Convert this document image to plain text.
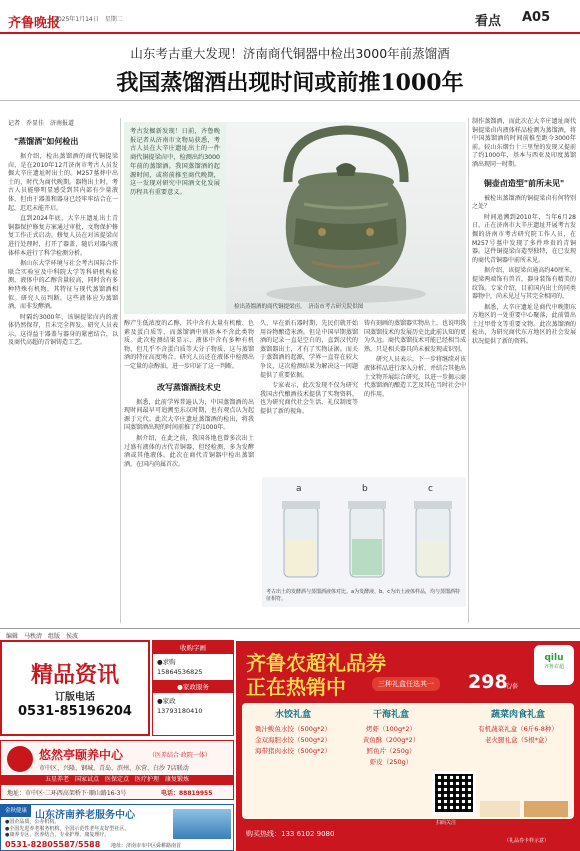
齐鲁晚报
2025年1月14日　星期二	看点 A05
山东考古重大发现！济南商代铜器中检出3000年前蒸馏酒
我国蒸馏酒出现时间或前推1000年
记者　乔显佳　济南报道
"蒸馏酒"如何检出

据介绍，检出蒸馏酒的商代铜提梁卣，是在2010年12月济南市考古人员发掘大辛庄遗址时出土的。M257墓葬中出土的，时代为商代晚期。器物出土时，考古人员能够明显感受到其内部有少量液体，但由于器盖和器身已经牢牢结合在一起，迟迟未能开启。

直到2024年底，大辛庄遗址出土青铜器保护修复方案通过审批，文物保护修复工作正式启动。修复人员在对该提梁卣进行处理时，打开了器盖，随后对器内液体样本进行了科学检测分析。

据山东大学环境与社会考古国际合作联合实验室及中科院大学等科研机构检测，液体中的乙醇含量较高，同时含有多种特殊有机物，其特征与现代蒸馏酒相似。研究人员判断，这些液体应为蒸馏酒，而非发酵酒。

时隔约3000年，该铜提梁卣内的液体仍然保存，且未完全挥发。研究人员表示，这得益于器盖与器身的紧密结合，以及商代高超的青铜铸造工艺。

考古发掘新发现！日前，齐鲁晚报记者从济南市文物局获悉，考古人员在大辛庄遗址出土的一件商代铜提梁卣中，检测出约3000年前的蒸馏酒。我国蒸馏酒的起源时间，或将前推至商代晚期，这一发现对研究中国酒文化发展历程具有重要意义。

检出蒸馏酒的商代铜提梁卣。　济南市考古研究院供图

醇产生低浓度的乙醇，其中含有大量有机酸、色素及蛋白质等，而蒸馏酒中则基本不含此类物质。此次检测结果显示，液体中含有多种有机物，但几乎不含蛋白质等大分子物质，这与蒸馏酒的特征高度吻合。研究人员还在液体中检测出一定量的杂醇油，进一步印证了这一判断。

改写蒸馏酒技术史

据悉，此前学界普遍认为，中国蒸馏酒的出现时间最早可追溯至东汉时期，也有观点认为起源于元代。此次大辛庄遗址蒸馏酒的检出，将我国蒸馏酒出现的时间前推了约1000年。

据介绍，在此之前，我国各地也曾多次出土过盛有液体的古代青铜器，但经检测，多为发酵酒或其他液体。此次在商代青铜器中检出蒸馏酒，在国内尚属首次。

久，早在新石器时期，先民们就开始用谷物酿造米酒。但是中国早期蒸馏酒的记录一直是空白的，直到汉代的蒸馏器出土，才有了实物证据。而关于蒸馏酒的起源，学界一直存在较大争议，这次检测结果为解决这一问题提供了重要依据。

专家表示，此次发现不仅为研究我国古代酿酒技术提供了实物资料，也为研究商代社会生活、礼仪制度等提供了新的视角。

铸有刻画的蒸馏器实物出土，也说明我国蒸馏技术的发展历史比此前认知的更为久远。商代蒸馏技术可能已经相当成熟，只是相关器具尚未被发现或识别。

研究人员表示，下一步将继续对该液体样品进行深入分析，并结合其他出土文物开展综合研究，以进一步揭示商代蒸馏酒的酿造工艺及其在当时社会中的作用。

a	b	c

考古出土的发酵酒与蒸馏酒液体对比。a为发酵液，b、c为出土液体样品，均与蒸馏酒特征相符。

制作蒸馏酒，而此次在大辛庄遗址商代铜提梁卣内液体样品检测为蒸馏酒，将中国蒸馏酒的时间前推至距今3000年前。较山东烟台十三里堡的发现又提前了约1000年，基本与西亚及印度蒸馏酒出现同一时期。

铜壶卣造型"前所未见"

被检出蒸馏酒的铜提梁卣有何特别之处？

时间追溯到2010年，当年6月28日，正在济南市大辛庄遗址开展考古发掘的济南市考古研究院工作人员，在M257号墓中发现了多件珍贵的青铜器。这件铜提梁卣造型独特，在已发现的商代青铜器中前所未见。

据介绍，该提梁卣通高约40厘米，提梁两端饰有兽首，器身装饰有精美的纹饰。专家介绍，目前国内出土的同类器物中，尚未见过与其完全相同的。

据悉，大辛庄遗址是商代中晚期东方地区的一处重要中心聚落，此前曾出土过甲骨文等重要文物。此次蒸馏酒的检出，为研究商代东方地区的社会发展状况提供了新的资料。

编辑　马秩清　组版　侯波
精品资讯
订版电话
0531-85196204
收购字画
●求购
15864536825
●家政服务
●家政
13793180410
悠然亭颐养中心	（医养结合·政院一体）
市中区、兴隆、钢城、青岛、滨州、东营、白沙 7店联动
五星养老　国家试点　医保定点　医疗护理　康复锻炼
地址：市中区·二环西高架桥下·顺山路16-3号	电话：88819955
金秋健康 山东济南养老服务中心
●国企品质，公办机构。
●全国先进养老服务机构，全国示范性老年友好型社区。
●康养专区，医养结合，专业护理，康复理疗。
0531-82805587/5588 地址：济南市市中区舜耕路南首
齐鲁农超礼品券
正在热销中	三种礼盒任选其一	298
元/套
qilu
齐鲁农超
水饺礼盒
锄汁鲅鱼水饺（500g*2）
金双海胆水饺（500g*2）
海带猪肉水饺（500g*2）
干海礼盒
烤虾（100g*2）
黄鱼酥（200g*2）
鳕鱼片（250g）
虾皮（250g）
蔬菜肉食礼盒
有机蔬菜礼盒（6斤6-8种）
老火腿礼盒（5根*盒）
购买热线：133 6102 9080
扫码关注
（礼品券卡样示意）
